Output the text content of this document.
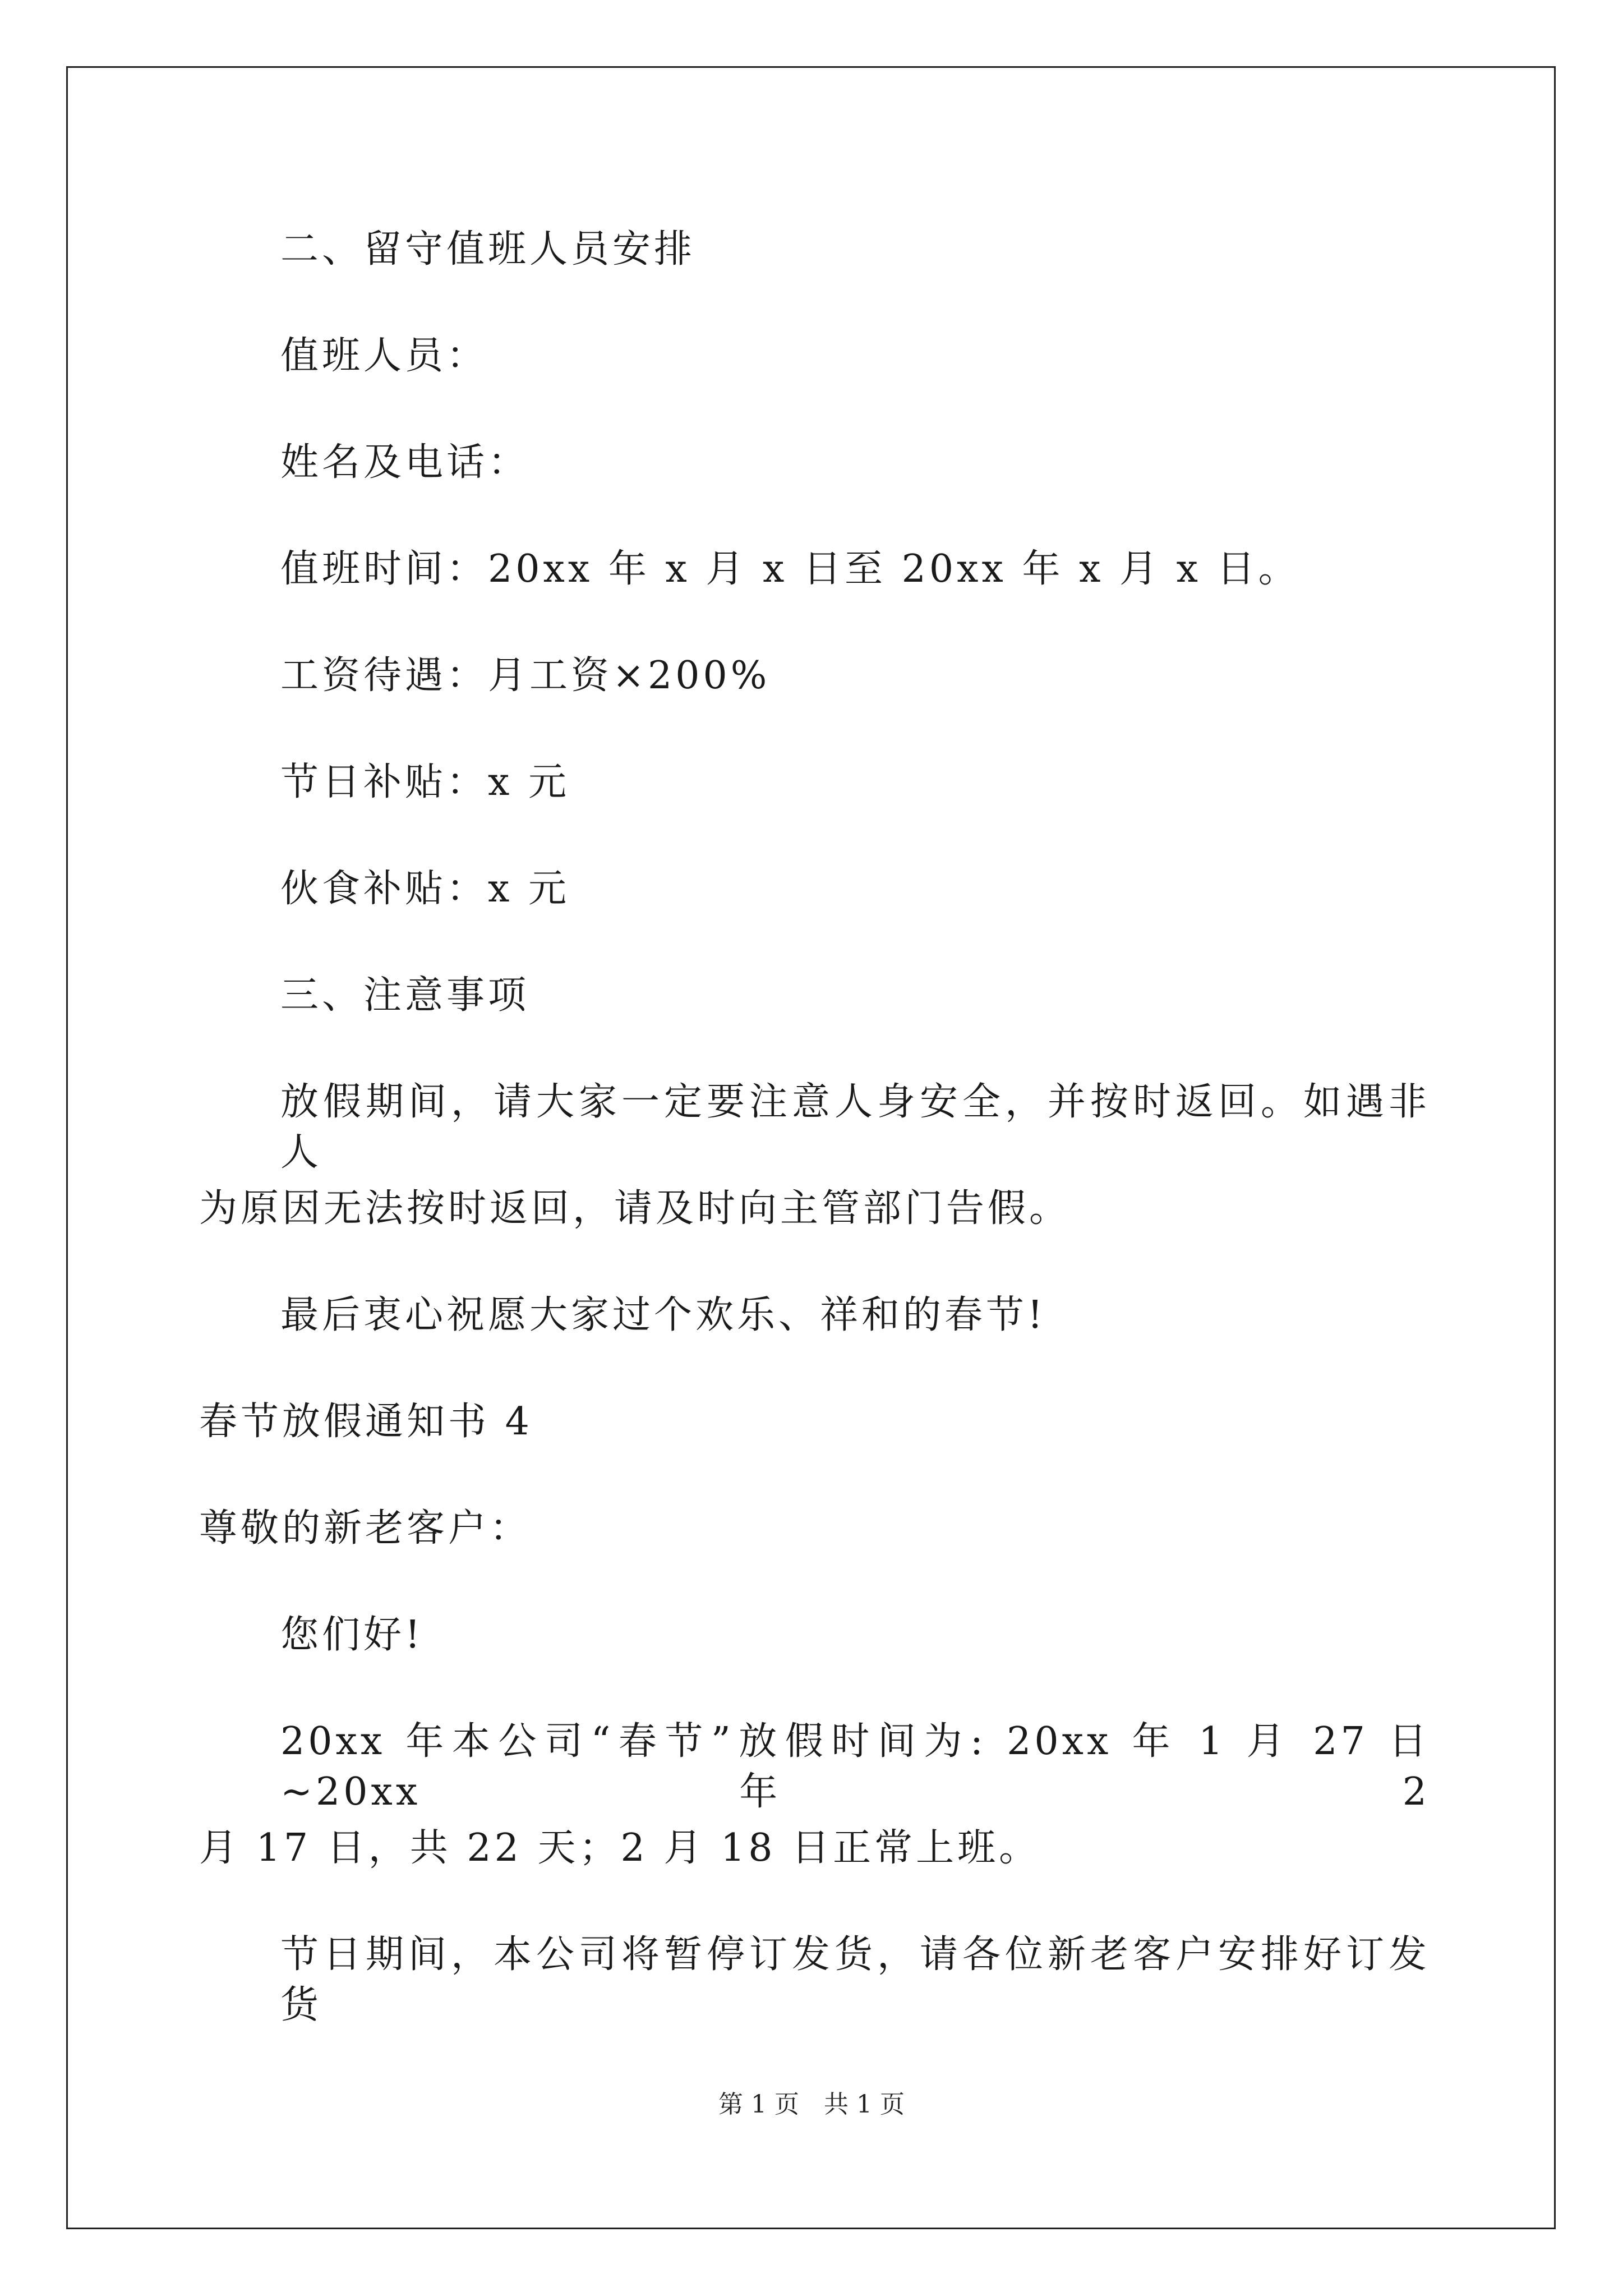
二、留守值班人员安排
值班人员：
姓名及电话：
值班时间：20xx 年 x 月 x 日至 20xx 年 x 月 x 日。
工资待遇：月工资×200%
节日补贴：x 元
伙食补贴：x 元
三、注意事项
放假期间，请大家一定要注意人身安全，并按时返回。如遇非人
为原因无法按时返回，请及时向主管部门告假。
最后衷心祝愿大家过个欢乐、祥和的春节!
春节放假通知书 4
尊敬的新老客户：
您们好!
20xx 年本公司“春节”放假时间为: 20xx 年 1 月 27 日~20xx 年 2
月 17 日，共 22 天；2 月 18 日正常上班。
节日期间，本公司将暂停订发货，请各位新老客户安排好订发货
第 1 页　共 1 页
